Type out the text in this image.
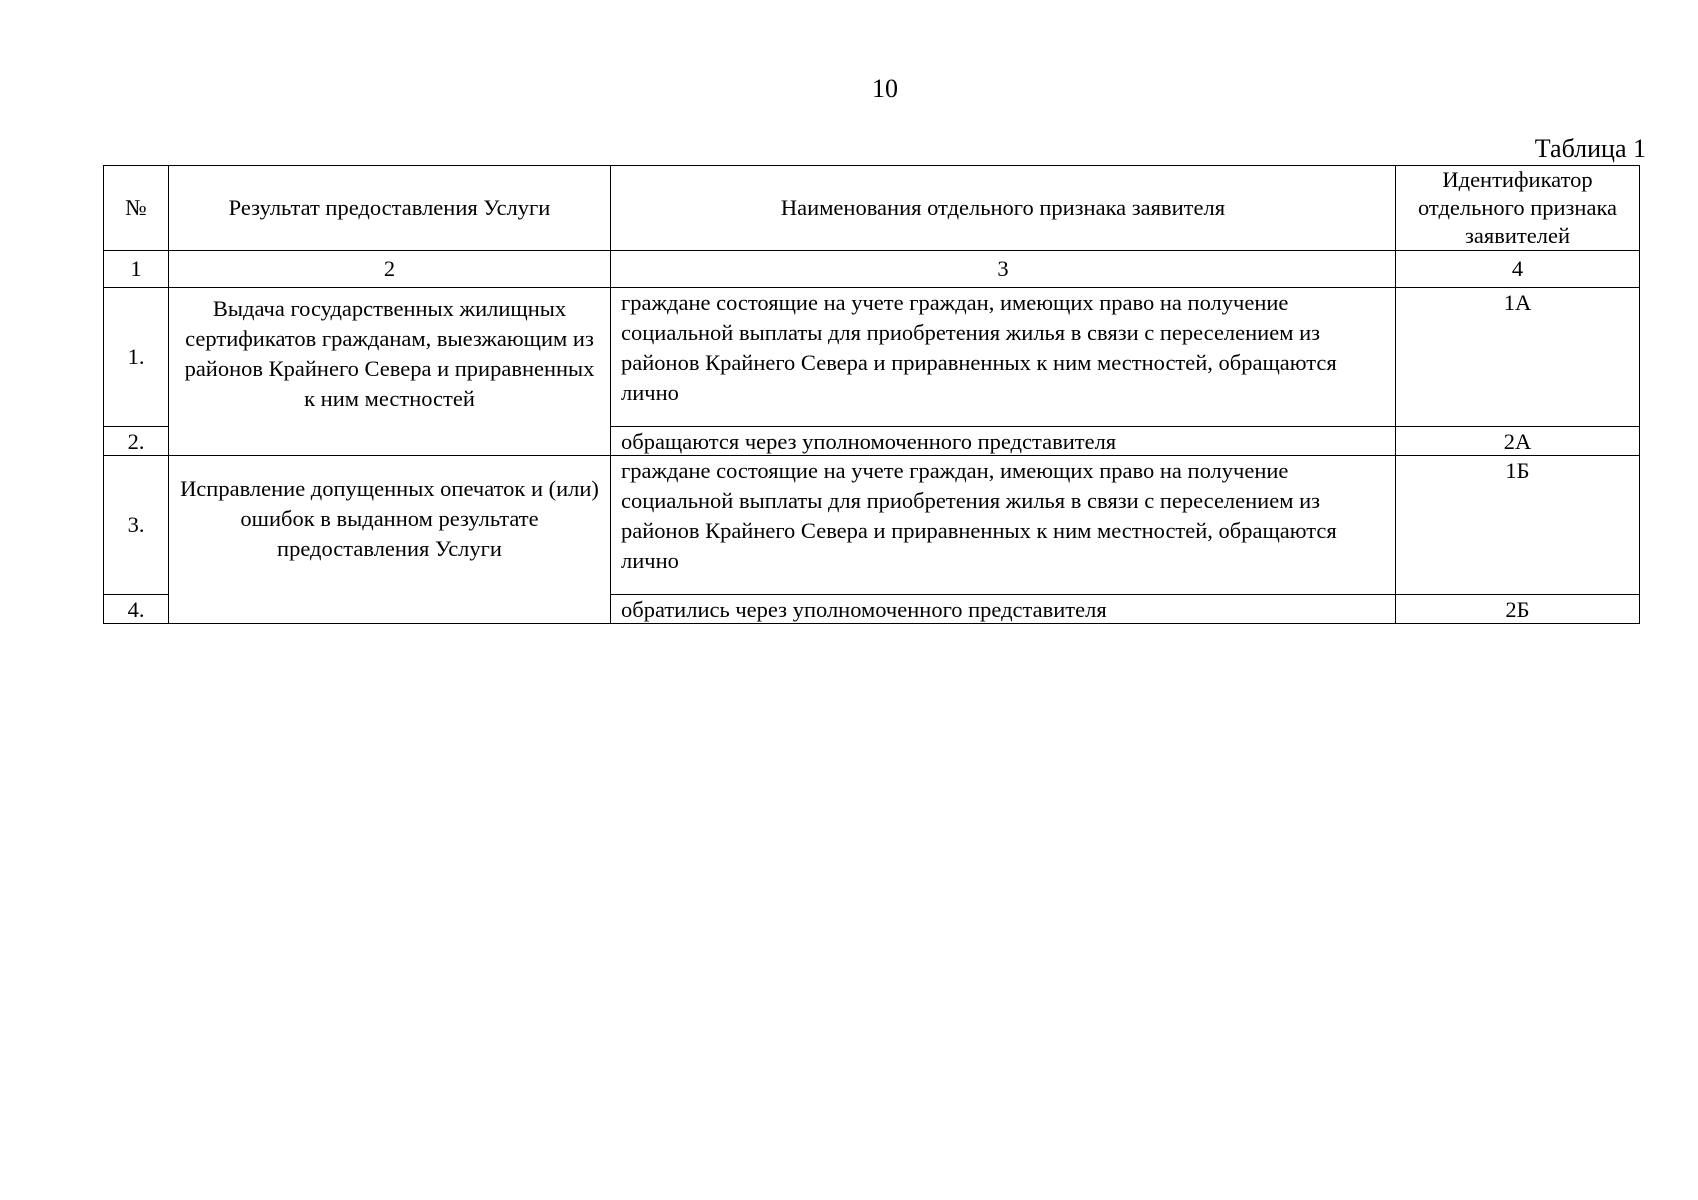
10
Таблица 1
№	Результат предоставления Услуги	Наименования отдельного признака заявителя	Идентификатор отдельного признака заявителей
1	2	3	4
1.	Выдача государственных жилищных сертификатов гражданам, выезжающим из районов Крайнего Севера и приравненных к ним местностей	граждане состоящие на учете граждан, имеющих право на получение социальной выплаты для приобретения жилья в связи с переселением из районов Крайнего Севера и приравненных к ним местностей, обращаются лично	1А
2.		обращаются через уполномоченного представителя	2А
3.	Исправление допущенных опечаток и (или) ошибок в выданном результате предоставления Услуги	граждане состоящие на учете граждан, имеющих право на получение социальной выплаты для приобретения жилья в связи с переселением из районов Крайнего Севера и приравненных к ним местностей, обращаются лично	1Б
4.		обратились через уполномоченного представителя	2Б
